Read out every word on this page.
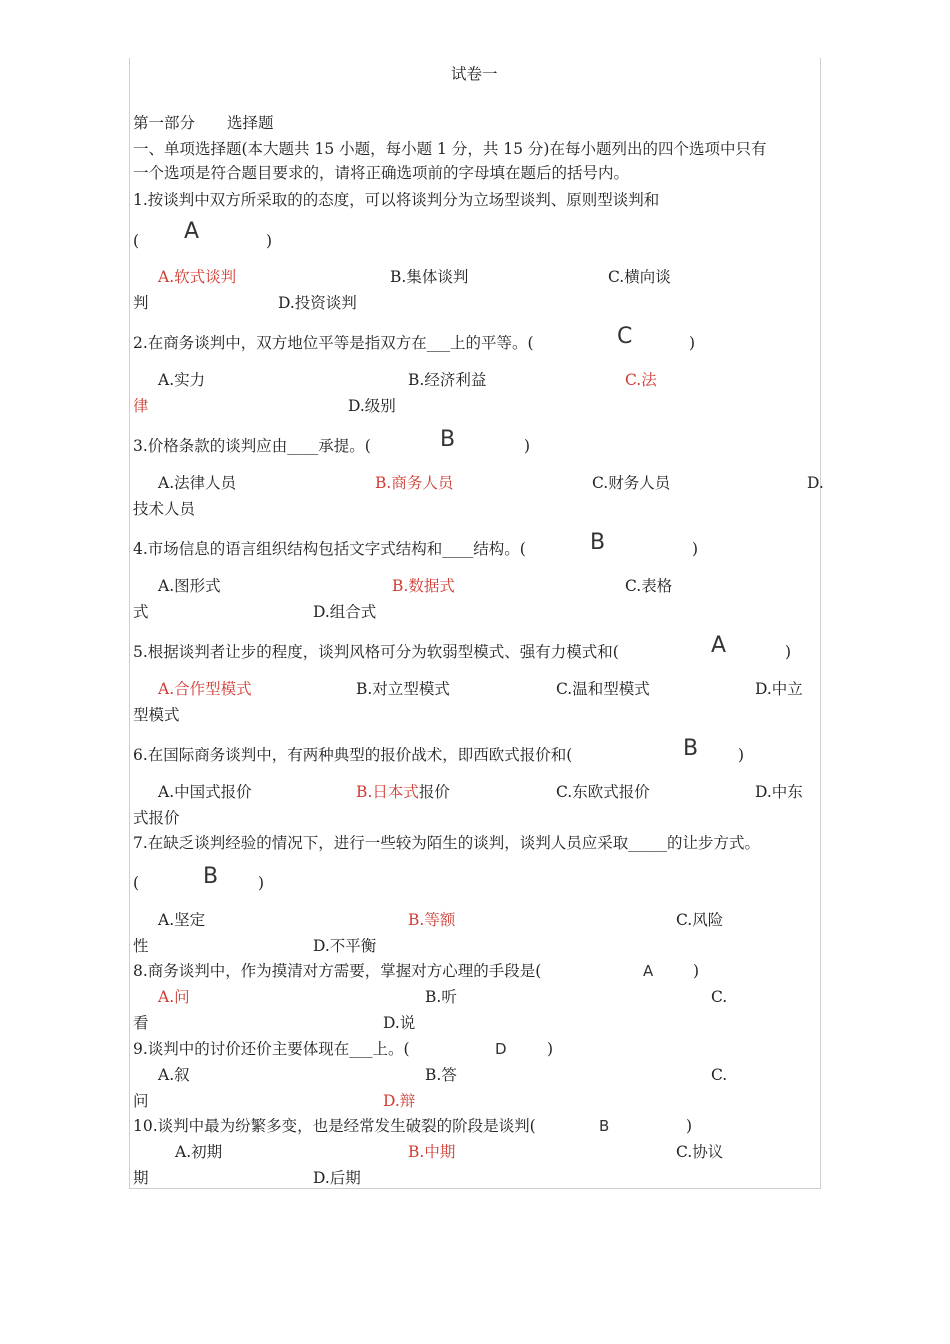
试卷一
第一部分 选择题
一、单项选择题(本大题共 15 小题，每小题 1 分，共 15 分)在每小题列出的四个选项中只有
一个选项是符合题目要求的，请将正确选项前的字母填在题后的括号内。
1.按谈判中双方所采取的的态度，可以将谈判分为立场型谈判、原则型谈判和
( A	)
A.软式谈判	B.集体谈判	C.横向谈
判	D.投资谈判
2.在商务谈判中，双方地位平等是指双方在___上的平等。(	C	)
A.实力	B.经济利益	C.法
律	D.级别
3.价格条款的谈判应由____承提。(	B	)
A.法律人员	B.商务人员	C.财务人员	D.
技术人员
4.市场信息的语言组织结构包括文字式结构和____结构。(	B	)
A.图形式	B.数据式	C.表格
式	D.组合式
5.根据谈判者让步的程度，谈判风格可分为软弱型模式、强有力模式和(	A	)
A.合作型模式	B.对立型模式	C.温和型模式	D.中立
型模式
6.在国际商务谈判中，有两种典型的报价战术，即西欧式报价和(	B	)
A.中国式报价	B.日本式报价	C.东欧式报价	D.中东
式报价
7.在缺乏谈判经验的情况下，进行一些较为陌生的谈判，谈判人员应采取_____的让步方式。
(	B	)
A.坚定	B.等额	C.风险
性	D.不平衡
8.商务谈判中，作为摸清对方需要，掌握对方心理的手段是(	A	)
A.问	B.听	C.
看	D.说
9.谈判中的讨价还价主要体现在___上。(	D	)
A.叙	B.答	C.
问	D.辩
10.谈判中最为纷繁多变，也是经常发生破裂的阶段是谈判(	B	)
A.初期	B.中期	C.协议
期	D.后期
